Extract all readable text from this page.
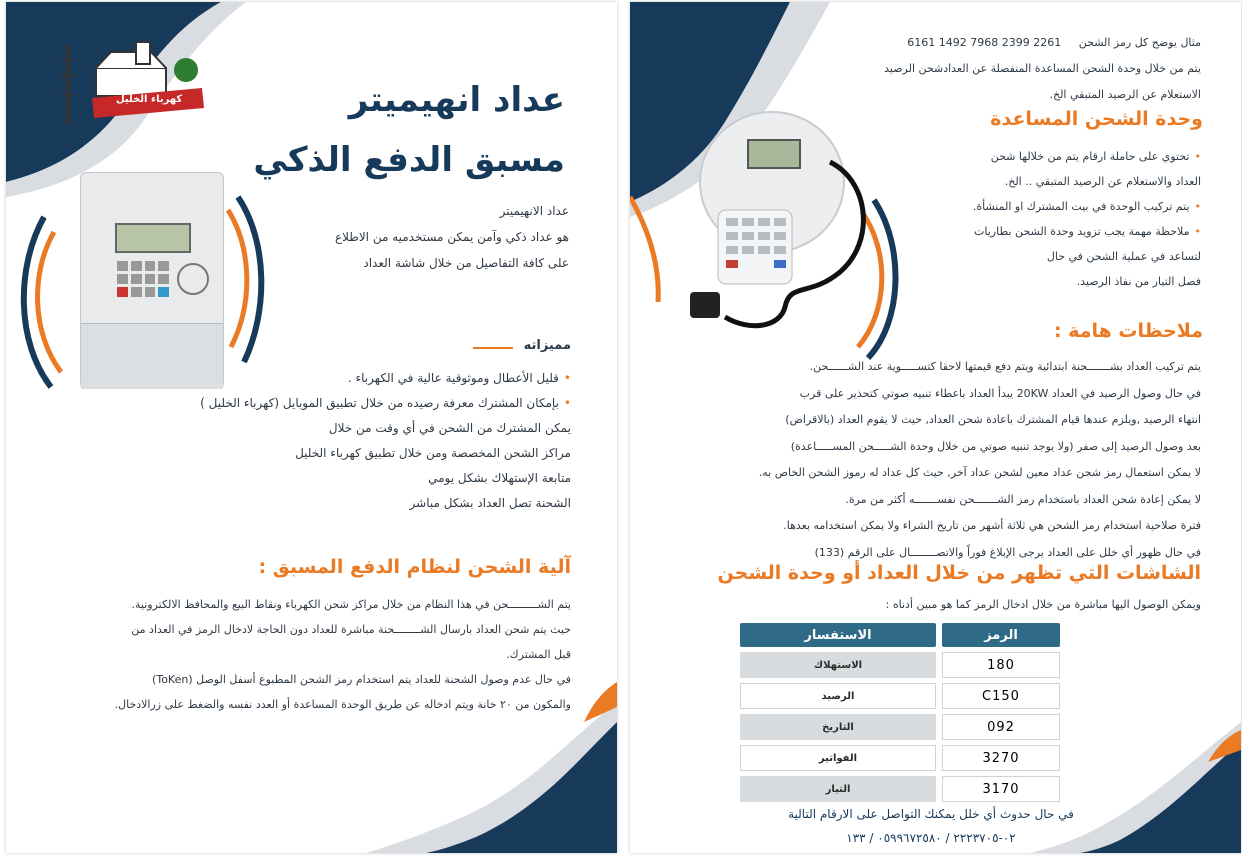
كهرباء الخليل	عداد انهيميتر
مسبق الدفع الذكي
عداد الانهيميتر
هو عداد ذكي وآمن يمكن مستخدميه من الاطلاع
على كافة التفاصيل من خلال شاشة العداد
مميزاته
• قليل الأعطال وموثوقية عالية في الكهرباء .
• بإمكان المشترك معرفة رصيده من خلال تطبيق الموبايل (كهرباء الخليل )
يمكن المشترك من الشحن في أي وقت من خلال
مراكز الشحن المخصصة ومن خلال تطبيق كهرباء الخليل
متابعة الإستهلاك بشكل يومي
الشحنة تصل العداد بشكل مباشر
آلية الشحن لنظام الدفع المسبق :
يتم الشـــــــــحن في هذا النظام من خلال مراكز شحن الكهرباء ونقاط البيع والمحافظ الالكترونية.
حيث يتم شحن العداد بارسال الشــــــــحنة مباشرة للعداد دون الحاجة لادخال الرمز في العداد من
قبل المشترك.
في حال عدم وصول الشحنة للعداد يتم استخدام رمز الشحن المطبوع أسفل الوصل (ToKen)
والمكون من ٢٠ خانة ويتم ادخاله عن طريق الوحدة المساعدة أو العدد نفسه والضغط على زرالادخال.
مثال يوضح كل رمز الشحن 2261 2399 7968 1492 6161
يتم من خلال وحدة الشحن المساعدة المنفصلة عن العدادشحن الرصيد
الاستعلام عن الرصيد المتبقي الخ.
وحدة الشحن المساعدة
• تحتوي على حاملة ارقام يتم من خلالها شحن
العداد والاستعلام عن الرصيد المتبقي .. الخ.
• يتم تركيب الوحدة في بيت المشترك او المنشأة.
• ملاحظة مهمة يجب تزويد وحدة الشحن بطاريات
لتساعد في عملية الشحن في حال
فصل التيار من نفاذ الرصيد.
ملاحظات هامة :
يتم تركيب العداد بشـــــــحنة ابتدائية ويتم دفع قيمتها لاحقا كتســـــوية عند الشــــــحن.
في حال وصول الرصيد في العداد 20KW يبدأ العداد باعطاء تنبيه صوتي كتحذير على قرب
انتهاء الرصيد ,ويلزم عندها قيام المشترك باعادة شحن العداد, حيث لا يقوم العداد (بالاقراض)
بعد وصول الرصيد إلى صفر (ولا يوجد تنبيه صوتي من خلال وحدة الشـــــحن المســـــاعدة)
لا يمكن استعمال رمز شحن عداد معين لشحن عداد آخر, حيث كل عداد له رموز الشحن الخاص به.
لا يمكن إعادة شحن العداد باستخدام رمز الشـــــــحن نفســـــــه أكثر من مرة.
فترة صلاحية استخدام رمز الشحن هي ثلاثة أشهر من تاريخ الشراء ولا يمكن استخدامه بعدها.
في حال ظهور أي خلل على العداد يرجى الإبلاغ فوراً والاتصــــــــال على الرقم (133)
الشاشات التي تظهر من خلال العداد أو وحدة الشحن
ويمكن الوصول اليها مباشرة من خلال ادخال الرمز كما هو مبين أدناه :
الرمز	الاستفسار
180	الاستهلاك
C150	الرصيد
092	التاريخ
3270	الفواتير
3170	التيار
في حال حدوث أي خلل يمكنك التواصل على الارقام التالية
٠٢-٢٢٢٣٧٠٥ / ٠٥٩٩٦٧٢٥٨٠ / ١٣٣
